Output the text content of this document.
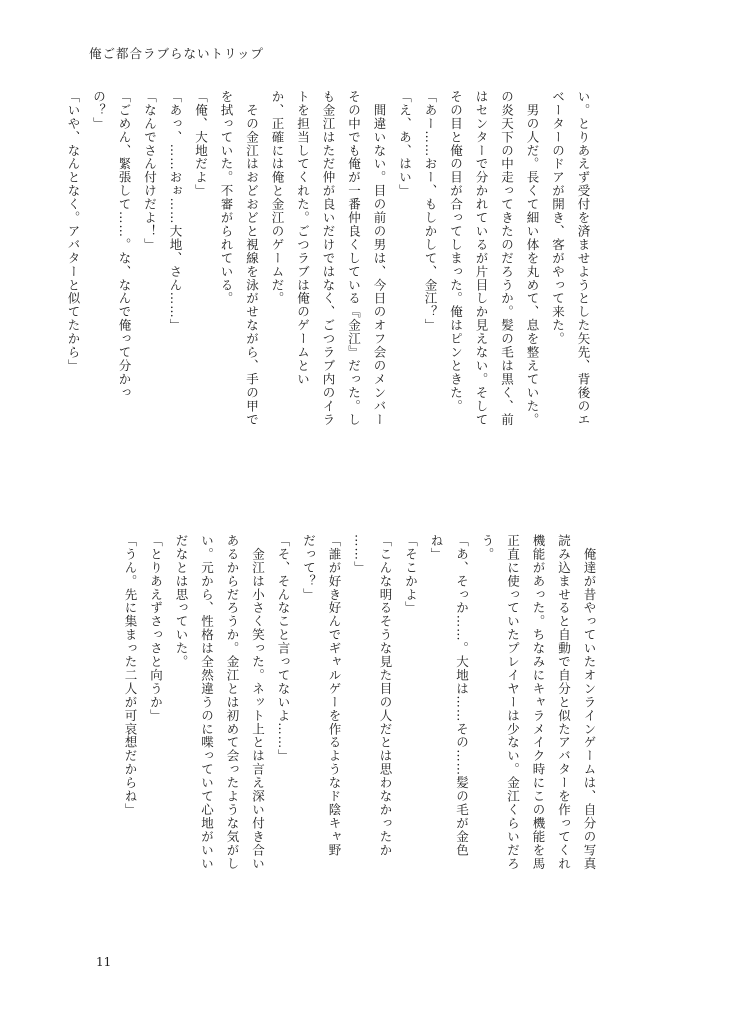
俺ご都合ラブらないトリップ
い。とりあえず受付を済ませようとした矢先、背後のエ
ベーターのドアが開き、客がやって来た。
　男の人だ。長くて細い体を丸めて、息を整えていた。
の炎天下の中走ってきたのだろうか。髪の毛は黒く、前
はセンターで分かれているが片目しか見えない。そして
その目と俺の目が合ってしまった。俺はピンときた。
「あー……おー、もしかして、金江？」
「え、あ、はい」
　間違いない。目の前の男は、今日のオフ会のメンバー
その中でも俺が一番仲良くしている『金江』だった。し
も金江はただ仲が良いだけではなく、ごつラブ内のイラ
トを担当してくれた。ごつラブは俺のゲームとい
か、正確には俺と金江のゲームだ。
　その金江はおどおどと視線を泳がせながら、手の甲で
を拭っていた。不審がられている。
「俺、大地だよ」
「あっ、……おぉ……大地、さん……」
「なんでさん付けだよ！」
「ごめん、緊張して……。な、なんで俺って分かっ
の？」
「いや、なんとなく。アバターと似てたから」
　俺達が昔やっていたオンラインゲームは、自分の写真
読み込ませると自動で自分と似たアバターを作ってくれ
機能があった。ちなみにキャラメイク時にこの機能を馬
正直に使っていたプレイヤーは少ない。金江くらいだろ
う。
「あ、そっか……。大地は……その……髪の毛が金色
ね」
「そこかよ」
「こんな明るそうな見た目の人だとは思わなかったか
……」
「誰が好き好んでギャルゲーを作るようなド陰キャ野
だって？」
「そ、そんなこと言ってないよ……」
　金江は小さく笑った。ネット上とは言え深い付き合い
あるからだろうか。金江とは初めて会ったような気がし
い。元から、性格は全然違うのに喋っていて心地がいい
だなとは思っていた。
「とりあえずさっさと向うか」
「うん。先に集まった二人が可哀想だからね」
11
